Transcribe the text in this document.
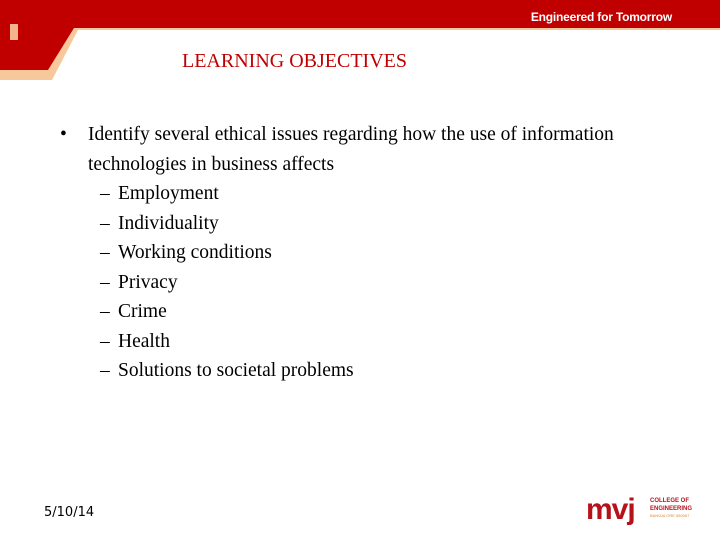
Engineered for Tomorrow
LEARNING OBJECTIVES
•	Identify several ethical issues regarding how the use of information technologies in business affects
– Employment
– Individuality
– Working conditions
– Privacy
– Crime
– Health
– Solutions to societal problems
5/10/14	mvj	COLLEGE OF
ENGINEERING
BANGALORE 560067
